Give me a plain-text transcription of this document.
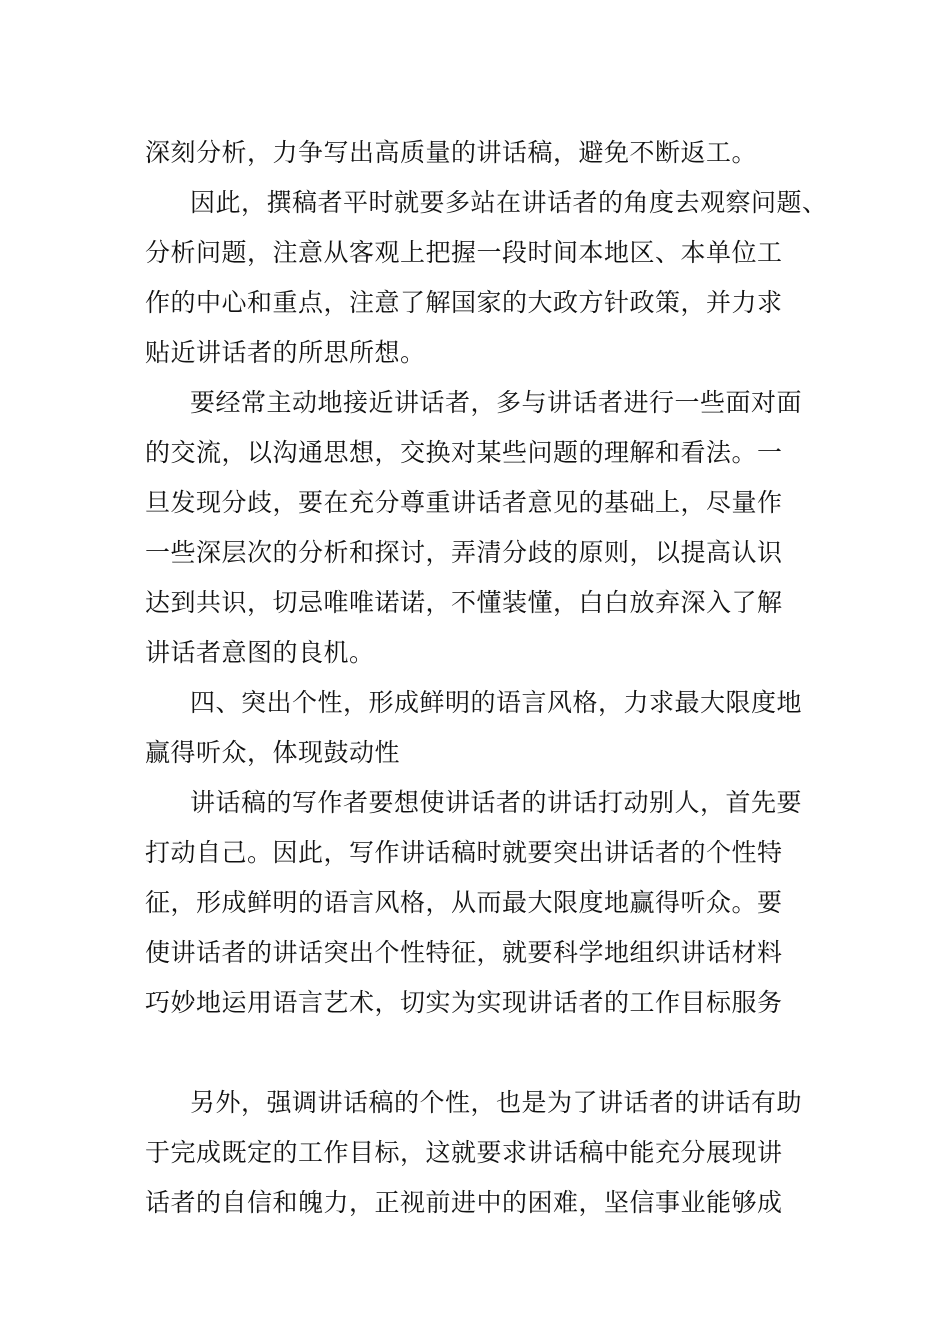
深刻分析，力争写出高质量的讲话稿，避免不断返工。
因此，撰稿者平时就要多站在讲话者的角度去观察问题、
分析问题，注意从客观上把握一段时间本地区、本单位工
作的中心和重点，注意了解国家的大政方针政策，并力求
贴近讲话者的所思所想。
要经常主动地接近讲话者，多与讲话者进行一些面对面
的交流，以沟通思想，交换对某些问题的理解和看法。一
旦发现分歧，要在充分尊重讲话者意见的基础上，尽量作
一些深层次的分析和探讨，弄清分歧的原则，以提高认识
达到共识，切忌唯唯诺诺，不懂装懂，白白放弃深入了解
讲话者意图的良机。
四、突出个性，形成鲜明的语言风格，力求最大限度地
赢得听众，体现鼓动性
讲话稿的写作者要想使讲话者的讲话打动别人，首先要
打动自己。因此，写作讲话稿时就要突出讲话者的个性特
征，形成鲜明的语言风格，从而最大限度地赢得听众。要
使讲话者的讲话突出个性特征，就要科学地组织讲话材料
巧妙地运用语言艺术，切实为实现讲话者的工作目标服务
另外，强调讲话稿的个性，也是为了讲话者的讲话有助
于完成既定的工作目标，这就要求讲话稿中能充分展现讲
话者的自信和魄力，正视前进中的困难，坚信事业能够成
